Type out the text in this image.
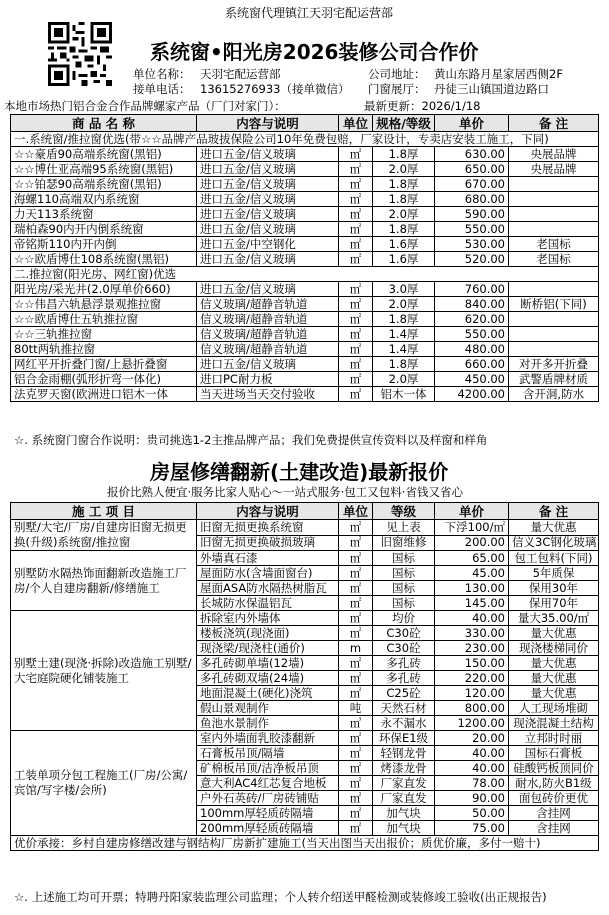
系统窗代理镇江天羽宅配运营部
系统窗•阳光房2026装修公司合作价
单位名称： 天羽宅配运营部	公司地址： 黄山东路月星家居西侧2F
接单电话： 13615276933（接单微信） 门窗展厅： 丹徒三山镇国道边路口
本地市场热门铝合金合作品牌螺家产品（厂门对家门）：	最新更新：2026/1/18
商 品 名 称	内容与说明	单位	规格/等级	单价	备 注
一.系统窗/推拉窗优选(带☆☆品牌产品玻拔保险公司10年免费包赔，厂家设计，专卖店安装工施工，下同)					
☆☆豪盾90高端系统窗(黑铝)	进口五金/信义玻璃	㎡	1.8厚	630.00	央展品牌
☆☆博仕亚高端95系统窗(黑铝)	进口五金/信义玻璃	㎡	2.0厚	650.00	央展品牌
☆☆铂瑟90高端系统窗(黑铝)	进口五金/信义玻璃	㎡	1.8厚	670.00	
海螺110高端双内系统窗	进口五金/信义玻璃	㎡	1.8厚	680.00	
力天113系统窗	进口五金/信义玻璃	㎡	2.0厚	590.00	
瑞柏森90内开内倒系统窗	进口五金/信义玻璃	㎡	1.8厚	550.00	
帝铭斯110内开内倒	进口五金/中空钢化	㎡	1.6厚	530.00	老国标
☆☆欧盾博仕108系统窗(黑铝)	进口五金/信义玻璃	㎡	1.6厚	520.00	老国标
二.推拉窗(阳光房、网红窗)优选					
阳光房/采光井(2.0厚单价660)	进口五金/信义玻璃	㎡	3.0厚	760.00	
☆☆伟昌六轨悬浮景观推拉窗	信义玻璃/超静音轨道	㎡	2.0厚	840.00	断桥铝(下同)
☆☆欧盾博仕五轨推拉窗	信义玻璃/超静音轨道	㎡	1.8厚	620.00	
☆☆三轨推拉窗	信义玻璃/超静音轨道	㎡	1.4厚	550.00	
80tt两轨推拉窗	信义玻璃/超静音轨道	㎡	1.4厚	480.00	
网红平开折叠门窗/上悬折叠窗	进口五金/信义玻璃	㎡	1.8厚	660.00	对开多开折叠
铝合金雨棚(弧形折弯一体化)	进口PC耐力板	㎡	2.0厚	450.00	武警盾牌材质
法克罗天窗(欧洲进口铝木一体	当天进场当天交付验收	㎡	铝木一体	4200.00	含开洞,防水
☆. 系统窗门窗合作说明：贵司挑选1-2主推品牌产品；我们免费提供宣传资料以及样窗和样角
房屋修缮翻新(土建改造)最新报价
报价比熟人便宜·服务比家人贴心～一站式服务·包工又包料·省钱又省心
施 工 项 目	内容与说明	单位	等级	单价	备 注
别墅/大宅/厂房/自建房旧窗无损更换(升级)系统窗/推拉窗	旧窗无损更换系统窗	㎡	见上表	下浮100/㎡	量大优惠
	旧窗无损更换破损玻璃	㎡	旧窗维修	200.00	信义3C钢化玻璃
别墅防水隔热饰面翻新改造施工厂房/个人自建房翻新/修缮施工	外墙真石漆	㎡	国标	65.00	包工包料(下同)
	屋面防水(含墙面窗台)	㎡	国标	45.00	5年质保
	屋面ASA防水隔热树脂瓦	㎡	国标	130.00	保用30年
	长城防水保温铝瓦	㎡	国标	145.00	保用70年
别墅土建(现浇·拆除)改造施工别墅/大宅庭院硬化铺装施工	拆除室内外墙体	㎡	均价	40.00	量大35.00/㎡
	楼板浇筑(现浇面)	㎡	C30砼	330.00	量大优惠
	现浇梁/现浇柱(通价)	m	C30砼	230.00	现浇楼梯同价
	多孔砖砌单墙(12墙)	㎡	多孔砖	150.00	量大优惠
	多孔砖砌双墙(24墙)	㎡	多孔砖	220.00	量大优惠
	地面混凝土(硬化)浇筑	㎡	C25砼	120.00	量大优惠
	假山景观制作	吨	天然石材	800.00	人工现场堆砌
	鱼池水景制作	㎥	永不漏水	1200.00	现浇混凝土结构
工装单项分包工程施工(厂房/公寓/宾馆/写字楼/会所)	室内外墙面乳胶漆翻新	㎡	环保E1级	20.00	立邦时时丽
	石膏板吊顶/隔墙	㎡	轻钢龙骨	40.00	国标石膏板
	矿棉板吊顶/洁净板吊顶	㎡	烤漆龙骨	40.00	硅酸钙板顶同价
	意大利AC4红芯复合地板	㎡	厂家直发	78.00	耐水,防火B1级
	户外石英砖/厂房砖铺贴	㎡	厂家直发	90.00	面包砖价更优
	100mm厚轻质砖隔墙	㎡	加气块	50.00	含挂网
	200mm厚轻质砖隔墙	㎡	加气块	75.00	含挂网
优价承接：乡村自建房修缮改建与钢结构厂房新扩建施工(当天出图当天出报价；质优价廉，多付一赔十)					
☆. 上述施工均可开票；特聘丹阳家装监理公司监理；个人转介绍送甲醛检测或装修竣工验收(出正规报告)
